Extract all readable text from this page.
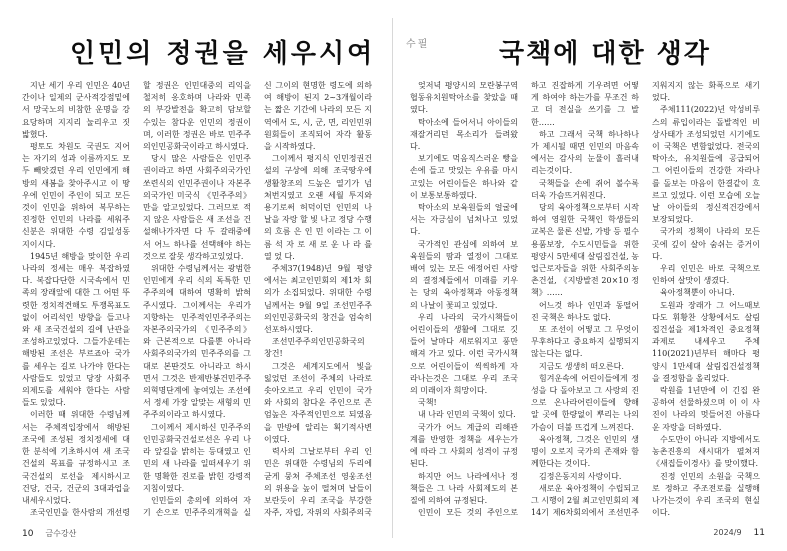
인민의 정권을 세우시여

지난 세기 우리 인민은 40년간이나 일제의 군사적강점밑에서 망국노의 비참한 운명을 강요당하며 지지리 눌리우고 짓밟혔다.

평토도 차원도 국권도 지어는 자기의 성과 이름까지도 모두 빼앗겼던 우리 인민에게 해방의 새봄을 찾아주시고 이 땅우에 인민이 주인이 되고 모든것이 인민을 위하여 복무하는 진정한 인민의 나라를 세워주신분은 위대한 수령 김일성동지이시다.

1945년 해방을 맞이한 우리 나라의 정세는 매우 복잡하였다. 복잡다단한 시국속에서 민족의 장래앞에 대한 그 어떤 뚜렷한 정치적견해도 투쟁목표도 없이 어리석인 방향을 들고나와 새 조국건설의 길에 난관을 조성하고있었다. 그들가운데는 해방된 조선은 부르죠아 국가를 세우는 길로 나가야 한다는 사람들도 있었고 당장 사회주의제도를 세워야 한다는 사람들도 있었다.

이러한 때 위대한 수령님께서는 주체적입장에서 해방된 조국에 조성된 정치정세에 대한 분석에 기초하시여 새 조국건설의 목표를 규정하시고 조국건설의 로선을 제시하시고 건당, 건국, 건군의 3대과업을 내세우시었다.

조국인민을 한사람의 개선령

할 정권은 인민대중의 리익을 철저히 옹호하며 나라와 민족의 부강발전을 확고히 담보할수있는 참다운 인민의 정권이며, 이러한 정권은 바로 민주주의인민공화국이라고 하시였다.

당시 많은 사람들은 인민주권이라고 하면 사회주의국가인 쏘련식의 인민주권이나 자본주의국가인 미국식 《민주주의》만을 알고있었다. 그러므로 적지 않은 사람들은 새 조선을 건설해나가자면 다 두 갈래중에서 어느 하나를 선택해야 하는것으로 잘못 생각하고있었다.

위대한 수령님께서는 광범한 인민에게 우리 식의 독특한 민주주의에 대하여 명확히 밝혀주시였다. 그이께서는 우리가 지향하는 민주적인민주주의는 자본주의국가의 《민주주의》와 근본적으로 다를뿐 아니라 사회주의국가의 민주주의를 그대로 본딴것도 아니라고 하시면서 그것은 반제반봉건민주주의혁명단계에 놓여있는 조선에서 정세 가장 알맞는 새형의 민주주의이라고 하시였다.

그이께서 제시하신 민주주의 인민공화국건설로선은 우리 나라 앞길을 밝히는 등대였고 인민의 새 나라를 일떠세우기 위한 명확한 진로를 밝힌 강령적 지침이였다.

인민들의 총의에 의하여 자기 손으로 민주주의개혁을 실

신 그이의 현명한 령도에 의하여 해방이 된지 2~3개월이라는 짧은 기간에 나라의 모든 지역에서 도, 시, 군, 면, 리인민위원회들이 조직되어 자각 활동을 시작하였다.

그이께서 평지식 인민정권건설의 구상에 의해 조국땅우에 생활창조의 드높은 열기가 넘쳐번지였고 오랜 세월 투지와 용기로써 허덕이던 인민의 나날을 자랑 할 빛 나고 정당 수행의 흐름 은 인 민 이라는 그 이 름 석 자 로 새 로 운 나 라 를 열 었 다.

주체37(1948)년 9월 평양에서는 최고인민회의 제1차 회의가 소집되었다. 위대한 수령님께서는 9월 9일 조선민주주의인민공화국의 창건을 엄숙히 선포하시였다.

조선민주주의인민공화국의 창건!

그것은 세계지도에서 빛을 잃었던 조선이 주체의 나라로 솟아오르고 우리 인민이 국가와 사회의 참다운 주인으로 존엄높은 자주적인민으로 되였음을 만방에 알리는 획기적사변이였다.

력사의 그날로부터 우리 인민은 위대한 수령님의 두리에 굳게 뭉쳐 주체조선 영웅조선의 위용을 높이 떨쳐며 날들이 보란듯이 우리 조국을 부강한 자주, 자립, 자위의 사회주의국

10 금수강산
수필	국책에 대한 생각

엊저녁 평양시의 모란봉구역 협동유치원탁아소를 찾았을 때였다.

탁아소에 들어서니 아이들의 재잘거리던 목소리가 들려왔다.

보기에도 먹음직스러운 빵을 손에 들고 맛있는 우유를 마시고있는 어린이들은 하나와 같이 보통보통하였다.

탁아소의 보육원들의 얼굴에서는 자긍심이 넘쳐나고 있었다.

국가적인 관심에 의하여 보육원들의 땀과 열정이 그대로 배여 있는 모든 애정어린 사랑의 결정체들에서 미래를 키우는 당의 육아정책과 아동정책의 나날이 꽃피고 있었다.

우리 나라의 국가시책들이 어린이들의 생활에 그대로 깃들어 날마다 새로워지고 풍만해져 가고 있다. 이런 국가시책으로 어린이들이 씩씩하게 자라나는것은 그대로 우리 조국의 미래이자 희망이다.

국책!

내 나라 인민의 국책이 있다.

국가가 어느 계급의 리해관계를 반영한 정책을 세우는가에 따라 그 사회의 성격이 규정된다.

하지만 어느 나라에서나 정책들은 그 나라 사회제도의 본질에 의하여 규정된다.

인민이 모든 것의 주인으로

하고 진잡하게 기우려면 어떻게 하여야 하는가를 무조건 하고 더 전실을 쓰기를 그 발한……

하고 그래서 국책 하나하나가 제시될 때면 인민의 마음속에서는 감사의 눈물이 흘러내리는것이다.

국책들을 손에 쥐어 볼수록 더욱 가슴뜨거워진다.

당의 육아정책으로부터 시작하여 영원한 국책인 학생들의 교복은 물론 신발, 가방 등 필수용품보장, 수도시민들을 위한 평양시 5만세대 살림집건설, 농업근로자들을 위한 사회주의농촌건설, 《지방발전 20×10 정책》……

어느것 하나 인민과 동떨어진 국책은 하나도 없다.

또 조선이 어떻고 그 무엇이 무후하다고 중요하지 실행되지 않는다는 없다.

지금도 생생히 떠오른다.

힘겨운속에 어린이들에게 정성을 다 돌아보고 그 사랑의 진으로 온나라어린이들에 향해 알 곳에 한량없이 뿌리는 나의 가슴이 더불 뜨겁게 느껴진다.

육아정책, 그것은 인민의 생명이 오로지 국가의 존재와 함께한다는 것이다.

김정은동지의 사랑이다.

새로운 육아정책이 수립되고 그 시행이 2월 최고인민회의 제14기 제6차회의에서 조선민주

지워지지 않는 화폭으로 새기었다.

주체111(2022)년 악성비루스의 류입이라는 돌발적인 비상사태가 조성되었던 시기에도 이 국책은 변함없었다. 전국의 탁아소, 유치원들에 공급되어 그 어린이들의 건강한 자라나 를 돌보는 마음이 한결같이 흐르고 있었다. 이런 모습에 오늘날 아이들의 정신적건강에서 보장되었다.

국가의 정책이 나라의 모든 곳에 깊이 살아 숨쉬는 증거이다.

우리 인민은 바로 국책으로 인하여 살맛이 생겼다.

육아정책뿐이 아니다.

도원과 장래가 그 어느때보다도 휘황찬 상황에서도 살림집건설을 제1차적인 중요정책과제로 내세우고 주체110(2021)년부터 해마다 평양시 1만세대 살림집건설정책을 결정함을 올리었다.

락원를 1년만에 이 긴집 완공하여 선물하셨으며 이 이 사진이 나라의 멋들어진 아름다운 자랑을 더하였다.

수도만이 아니라 지방에서도 농촌진흥의 새시대가 펼쳐져 《새집들이경사》를 맞이했다.

진정 인민의 소원을 국책으로 정하고 주조전로를 실행해나가는것이 우리 조국의 현실이다.

2024/9 11
